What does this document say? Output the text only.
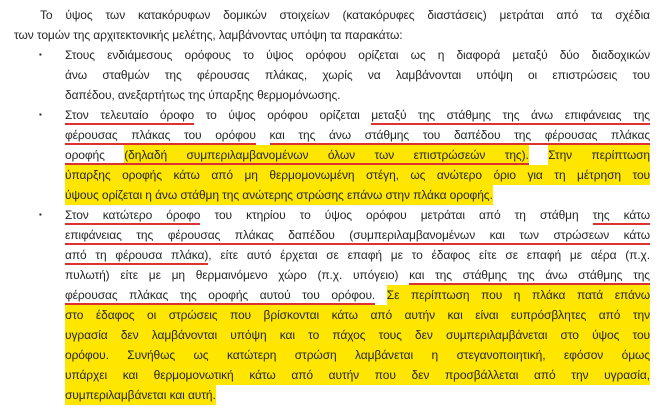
Το ύψος των κατακόρυφων δομικών στοιχείων (κατακόρυφες διαστάσεις) μετράται από τα σχέδια
των τομών της αρχιτεκτονικής μελέτης, λαμβάνοντας υπόψη τα παρακάτω:
▪ Στους ενδιάμεσους ορόφους το ύψος ορόφου ορίζεται ως η διαφορά μεταξύ δύο διαδοχικών
άνω σταθμών της φέρουσας πλάκας, χωρίς να λαμβάνονται υπόψη οι επιστρώσεις του
δαπέδου, ανεξαρτήτως της ύπαρξης θερμομόνωσης.
▪ Στον τελευταίο όροφο το ύψος ορόφου ορίζεται μεταξύ της στάθμης της άνω επιφάνειας της
φέρουσας πλάκας του ορόφου και της άνω στάθμης του δαπέδου της φέρουσας πλάκας
οροφής (δηλαδή συμπεριλαμβανομένων όλων των επιστρώσεών της). Στην περίπτωση
ύπαρξης οροφής κάτω από μη θερμομονωμένη στέγη, ως ανώτερο όριο για τη μέτρηση του
ύψους ορίζεται η άνω στάθμη της ανώτερης στρώσης επάνω στην πλάκα οροφής.
▪ Στον κατώτερο όροφο του κτηρίου το ύψος ορόφου μετράται από τη στάθμη της κάτω
επιφάνειας της φέρουσας πλάκας δαπέδου (συμπεριλαμβανομένων και των στρώσεων κάτω
από τη φέρουσα πλάκα), είτε αυτό έρχεται σε επαφή με το έδαφος είτε σε επαφή με αέρα (π.χ.
πυλωτή) είτε με μη θερμαινόμενο χώρο (π.χ. υπόγειο) και της στάθμης της άνω στάθμης της
φέρουσας πλάκας της οροφής αυτού του ορόφου. Σε περίπτωση που η πλάκα πατά επάνω
στο έδαφος οι στρώσεις που βρίσκονται κάτω από αυτήν και είναι ευπρόσβλητες από την
υγρασία δεν λαμβάνονται υπόψη και το πάχος τους δεν συμπεριλαμβάνεται στο ύψος του
ορόφου. Συνήθως ως κατώτερη στρώση λαμβάνεται η στεγανοποιητική, εφόσον όμως
υπάρχει και θερμομονωτική κάτω από αυτήν που δεν προσβάλλεται από την υγρασία,
συμπεριλαμβάνεται και αυτή.
